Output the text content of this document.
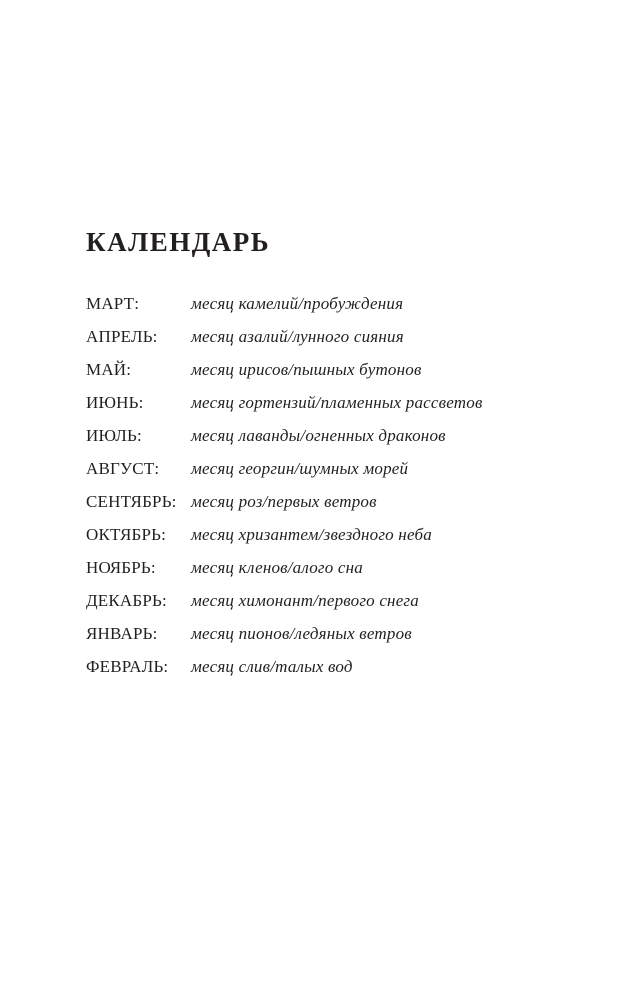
КАЛЕНДАРЬ
МАРТ:	месяц камелий/пробуждения
АПРЕЛЬ:	месяц азалий/лунного сияния
МАЙ:	месяц ирисов/пышных бутонов
ИЮНЬ:	месяц гортензий/пламенных рассветов
ИЮЛЬ:	месяц лаванды/огненных драконов
АВГУСТ:	месяц георгин/шумных морей
СЕНТЯБРЬ: месяц роз/первых ветров
ОКТЯБРЬ:	месяц хризантем/звездного неба
НОЯБРЬ:	месяц кленов/алого сна
ДЕКАБРЬ:	месяц химонант/первого снега
ЯНВАРЬ:	месяц пионов/ледяных ветров
ФЕВРАЛЬ:	месяц слив/талых вод
